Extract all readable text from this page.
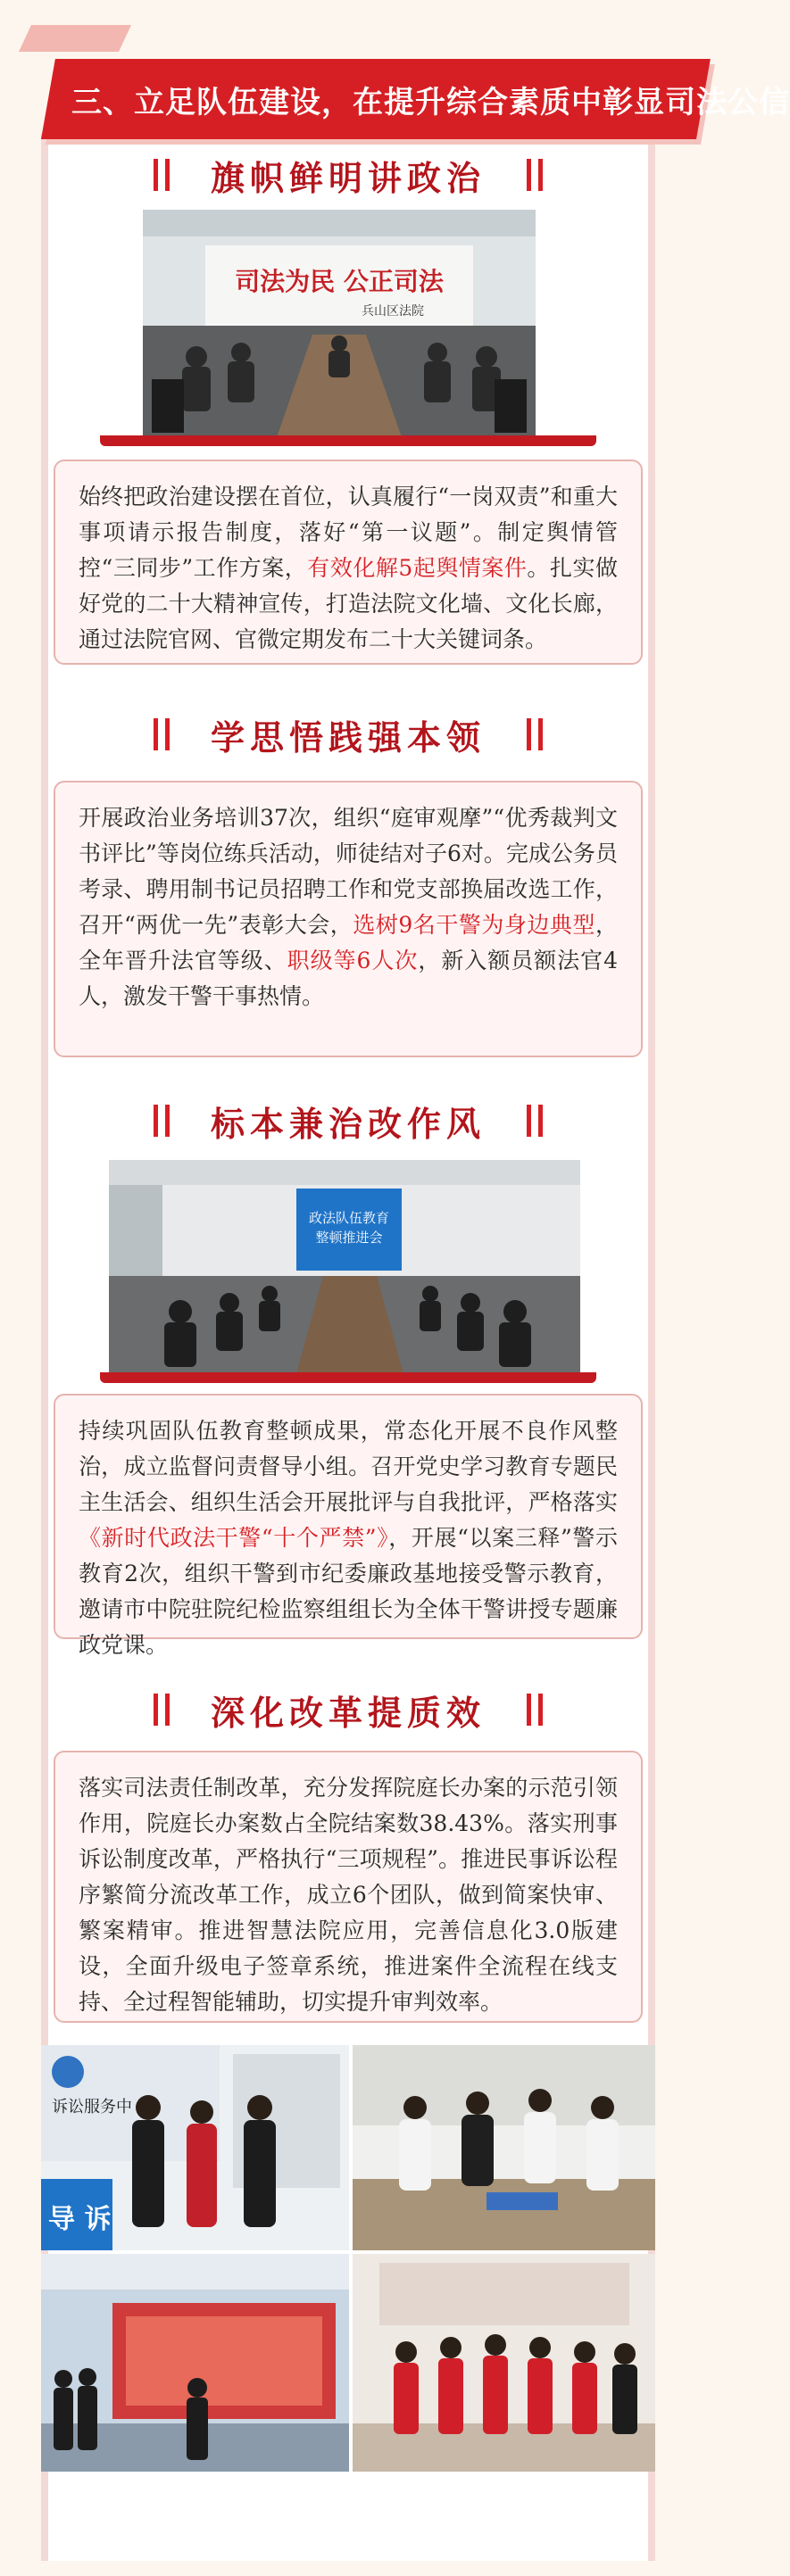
三、立足队伍建设，在提升综合素质中彰显司法公信
旗帜鲜明讲政治
司法为民 公正司法
兵山区法院
始终把政治建设摆在首位，认真履行“一岗双责”和重大事项请示报告制度，落好“第一议题”。制定舆情管控“三同步”工作方案，有效化解5起舆情案件。扎实做好党的二十大精神宣传，打造法院文化墙、文化长廊，通过法院官网、官微定期发布二十大关键词条。
学思悟践强本领
开展政治业务培训37次，组织“庭审观摩”“优秀裁判文书评比”等岗位练兵活动，师徒结对子6对。完成公务员考录、聘用制书记员招聘工作和党支部换届改选工作，召开“两优一先”表彰大会，选树9名干警为身边典型，全年晋升法官等级、职级等6人次，新入额员额法官4人，激发干警干事热情。
标本兼治改作风
政法队伍教育
整顿推进会
持续巩固队伍教育整顿成果，常态化开展不良作风整治，成立监督问责督导小组。召开党史学习教育专题民主生活会、组织生活会开展批评与自我批评，严格落实《新时代政法干警“十个严禁”》，开展“以案三释”警示教育2次，组织干警到市纪委廉政基地接受警示教育，邀请市中院驻院纪检监察组组长为全体干警讲授专题廉政党课。
深化改革提质效
落实司法责任制改革，充分发挥院庭长办案的示范引领作用，院庭长办案数占全院结案数38.43%。落实刑事诉讼制度改革，严格执行“三项规程”。推进民事诉讼程序繁简分流改革工作，成立6个团队，做到简案快审、繁案精审。推进智慧法院应用，完善信息化3.0版建设，全面升级电子签章系统，推进案件全流程在线支持、全过程智能辅助，切实提升审判效率。
诉讼服务中
导 诉
